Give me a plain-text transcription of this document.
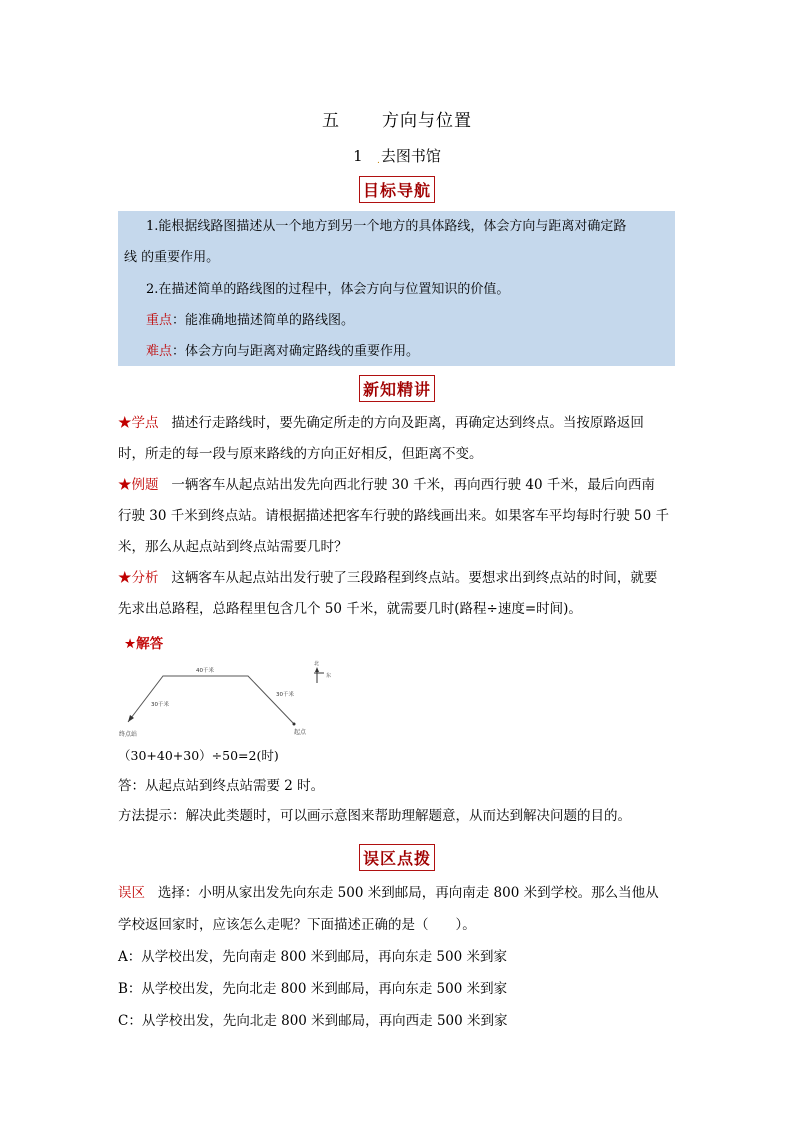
五 方向与位置
1 .去图书馆
目标导航
1.能根据线路图描述从一个地方到另一个地方的具体路线，体会方向与距离对确定路
线 的重要作用。
2.在描述简单的路线图的过程中，体会方向与位置知识的价值。
重点：能准确地描述简单的路线图。
难点：体会方向与距离对确定路线的重要作用。
新知精讲
★学点 描述行走路线时，要先确定所走的方向及距离，再确定达到终点。当按原路返回
时，所走的每一段与原来路线的方向正好相反，但距离不变。
★例题 一辆客车从起点站出发先向西北行驶 30 千米，再向西行驶 40 千米，最后向西南
行驶 30 千米到终点站。请根据描述把客车行驶的路线画出来。如果客车平均每时行驶 50 千
米，那么从起点站到终点站需要几时？
★分析 这辆客车从起点站出发行驶了三段路程到终点站。要想求出到终点站的时间，就要
先求出总路程，总路程里包含几个 50 千米，就需要几时(路程÷速度=时间)。
★解答
40千米
30千米
30千米
终点站	起点
北
东
（30+40+30）÷50=2(时)
答：从起点站到终点站需要 2 时。
方法提示：解决此类题时，可以画示意图来帮助理解题意，从而达到解决问题的目的。
误区点拨
误区 选择：小明从家出发先向东走 500 米到邮局，再向南走 800 米到学校。那么当他从
学校返回家时，应该怎么走呢？下面描述正确的是（　　）。
A：从学校出发，先向南走 800 米到邮局，再向东走 500 米到家
B：从学校出发，先向北走 800 米到邮局，再向东走 500 米到家
C：从学校出发，先向北走 800 米到邮局，再向西走 500 米到家
